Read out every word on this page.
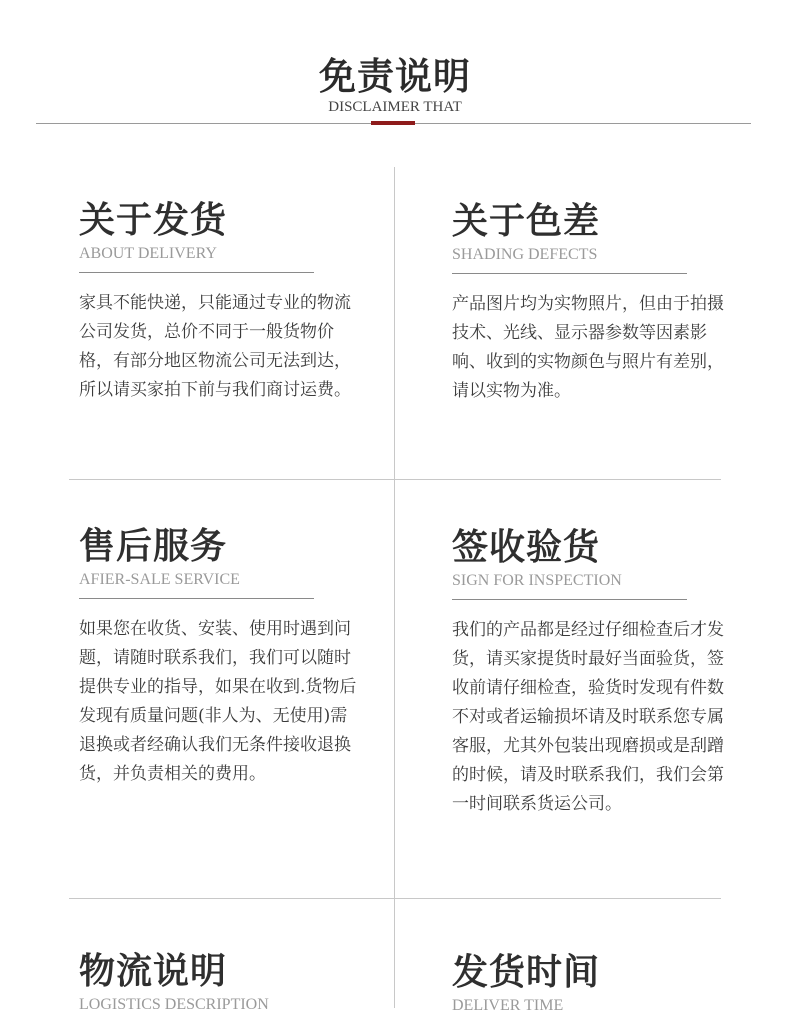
免责说明
DISCLAIMER THAT
关于发货
ABOUT DELIVERY
家具不能快递，只能通过专业的物流公司发货，总价不同于一般货物价格，有部分地区物流公司无法到达，所以请买家拍下前与我们商讨运费。
关于色差
SHADING DEFECTS
产品图片均为实物照片，但由于拍摄技术、光线、显示器参数等因素影响、收到的实物颜色与照片有差别，请以实物为准。
售后服务
AFIER-SALE SERVICE
如果您在收货、安装、使用时遇到问题，请随时联系我们，我们可以随时提供专业的指导，如果在收到.货物后发现有质量问题(非人为、无使用)需退换或者经确认我们无条件接收退换货，并负责相关的费用。
签收验货
SIGN FOR INSPECTION
我们的产品都是经过仔细检查后才发货，请买家提货时最好当面验货，签收前请仔细检查，验货时发现有件数不对或者运输损坏请及时联系您专属客服，尤其外包装出现磨损或是刮蹭的时候，请及时联系我们，我们会第一时间联系货运公司。
物流说明
LOGISTICS DESCRIPTION
发货时间
DELIVER TIME
